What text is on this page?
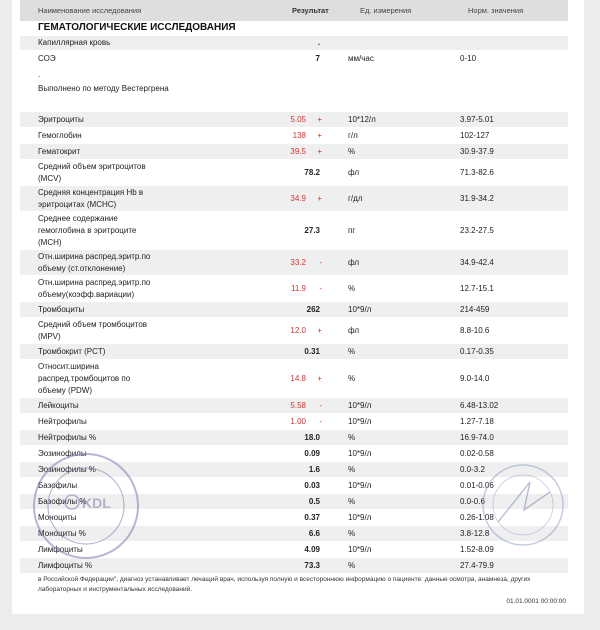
Наименование исследования	Результат	Ед. измерения	Норм. значения
ГЕМАТОЛОГИЧЕСКИЕ ИССЛЕДОВАНИЯ
Капиллярная кровь	.
СОЭ	7	мм/час	0-10
.
Выполнено по методу Вестергрена
Эритроциты	5.05 +	10*12/л	3.97-5.01
Гемоглобин	138 +	г/л	102-127
Гематокрит	39.5 +	%	30.9-37.9
Средний объем эритроцитов
(MCV)
78.2	фл	71.3-82.6
Средняя концентрация Hb в
эритроцитах (MCHC)
34.9 +	г/дл	31.9-34.2
Среднее содержание
гемоглобина в эритроците
(MCH)
27.3	пг	23.2-27.5
Отн.ширина распред.эритр.по
объему (ст.отклонение)
33.2 -	фл	34.9-42.4
Отн.ширина распред.эритр.по
объему(коэфф.вариации)
11.9 -	%	12.7-15.1
Тромбоциты	262	10*9/л	214-459
Средний объем тромбоцитов
(MPV)
12.0 +	фл	8.8-10.6
Тромбокрит (PCT)	0.31	%	0.17-0.35
Относит.ширина
распред.тромбоцитов по
объему (PDW)
14.8 +	%	9.0-14.0
Лейкоциты	5.58 -	10*9/л	6.48-13.02
Нейтрофилы	1.00 -	10*9/л	1.27-7.18
Нейтрофилы %	18.0	%	16.9-74.0
Эозинофилы	0.09	10*9/л	0.02-0.58
Эозинофилы %	1.6	%	0.0-3.2
Базофилы	0.03	10*9/л	0.01-0.06
Базофилы %	0.5	%	0.0-0.6
Моноциты	0.37	10*9/л	0.26-1.08
Моноциты %	6.6	%	3.8-12.8
Лимфоциты	4.09	10*9/л	1.52-8.09
Лимфоциты %	73.3	%	27.4-79.9
KDL
в Российской Федерации", диагноз устанавливает лечащий врач, используя полную и всестороннюю информацию о пациенте: данные осмотра, анамнеза, других
лабораторных и инструментальных исследований.
01.01.0001 00:00:00
